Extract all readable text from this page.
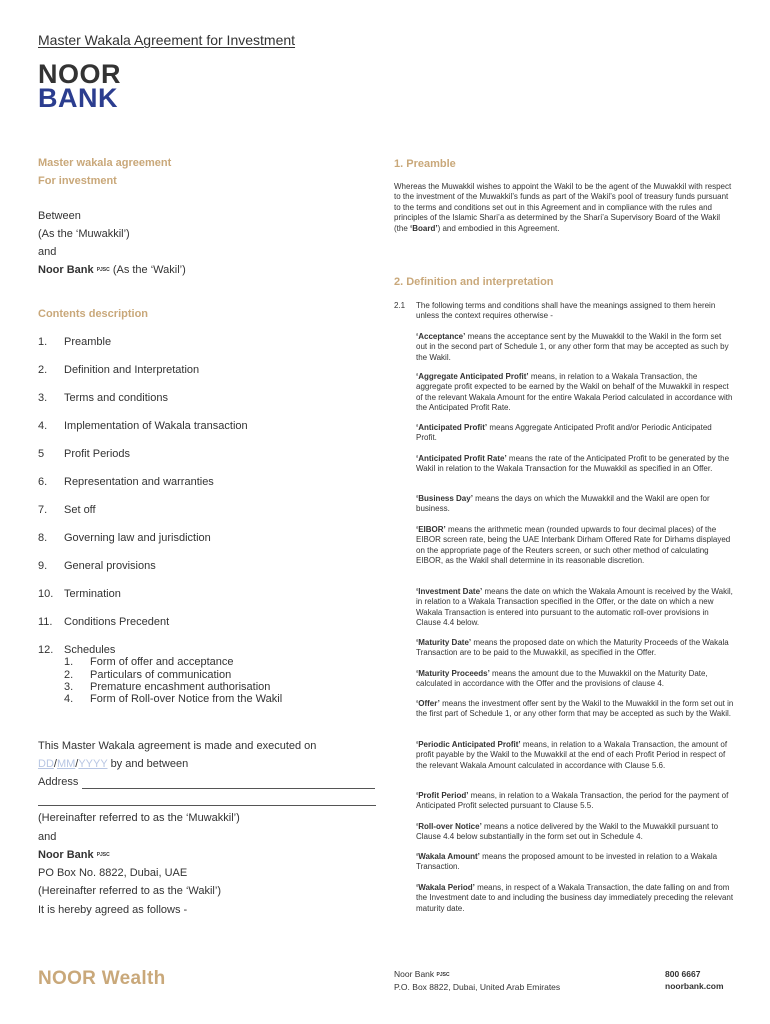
Master Wakala Agreement for Investment
NOOR
BANK
Master wakala agreement
For investment
Between
(As the ‘Muwakkil’)
and
Noor Bank PJSC (As the ‘Wakil’)
Contents description
1. Preamble
2. Definition and Interpretation
3. Terms and conditions
4. Implementation of Wakala transaction
5 Profit Periods
6. Representation and warranties
7. Set off
8. Governing law and jurisdiction
9. General provisions
10. Termination
11. Conditions Precedent
12. Schedules
1. Form of offer and acceptance
2. Particulars of communication
3. Premature encashment authorisation
4. Form of Roll-over Notice from the Wakil
This Master Wakala agreement is made and executed on
DD/MM/YYYY by and between
Address
(Hereinafter referred to as the ‘Muwakkil’)
and
Noor Bank PJSC
PO Box No. 8822, Dubai, UAE
(Hereinafter referred to as the ‘Wakil’)
It is hereby agreed as follows -
1. Preamble
Whereas the Muwakkil wishes to appoint the Wakil to be the agent of the Muwakkil with respect to the investment of the Muwakkil’s funds as part of the Wakil’s pool of treasury funds pursuant to the terms and conditions set out in this Agreement and in compliance with the rules and principles of the Islamic Shari’a as determined by the Shari’a Supervisory Board of the Wakil (the ‘Board’) and embodied in this Agreement.
2. Definition and interpretation
2.1 The following terms and conditions shall have the meanings assigned to them herein unless the context requires otherwise -
‘Acceptance’ means the acceptance sent by the Muwakkil to the Wakil in the form set out in the second part of Schedule 1, or any other form that may be accepted as such by the Wakil.
‘Aggregate Anticipated Profit’ means, in relation to a Wakala Transaction, the aggregate profit expected to be earned by the Wakil on behalf of the Muwakkil in respect of the relevant Wakala Amount for the entire Wakala Period calculated in accordance with the Anticipated Profit Rate.
‘Anticipated Profit’ means Aggregate Anticipated Profit and/or Periodic Anticipated Profit.
‘Anticipated Profit Rate’ means the rate of the Anticipated Profit to be generated by the Wakil in relation to the Wakala Transaction for the Muwakkil as specified in an Offer.
‘Business Day’ means the days on which the Muwakkil and the Wakil are open for business.
‘EIBOR’ means the arithmetic mean (rounded upwards to four decimal places) of the EIBOR screen rate, being the UAE Interbank Dirham Offered Rate for Dirhams displayed on the appropriate page of the Reuters screen, or such other method of calculating EIBOR, as the Wakil shall determine in its reasonable discretion.
‘Investment Date’ means the date on which the Wakala Amount is received by the Wakil, in relation to a Wakala Transaction specified in the Offer, or the date on which a new Wakala Transaction is entered into pursuant to the automatic roll-over provisions in Clause 4.4 below.
‘Maturity Date’ means the proposed date on which the Maturity Proceeds of the Wakala Transaction are to be paid to the Muwakkil, as specified in the Offer.
‘Maturity Proceeds’ means the amount due to the Muwakkil on the Maturity Date, calculated in accordance with the Offer and the provisions of clause 4.
‘Offer’ means the investment offer sent by the Wakil to the Muwakkil in the form set out in the first part of Schedule 1, or any other form that may be accepted as such by the Wakil.
‘Periodic Anticipated Profit’ means, in relation to a Wakala Transaction, the amount of profit payable by the Wakil to the Muwakkil at the end of each Profit Period in respect of the relevant Wakala Amount calculated in accordance with Clause 5.6.
‘Profit Period’ means, in relation to a Wakala Transaction, the period for the payment of Anticipated Profit selected pursuant to Clause 5.5.
‘Roll-over Notice’ means a notice delivered by the Wakil to the Muwakkil pursuant to Clause 4.4 below substantially in the form set out in Schedule 4.
‘Wakala Amount’ means the proposed amount to be invested in relation to a Wakala Transaction.
‘Wakala Period’ means, in respect of a Wakala Transaction, the date falling on and from the Investment date to and including the business day immediately preceding the relevant maturity date.
NOOR Wealth	Noor Bank PJSC
P.O. Box 8822, Dubai, United Arab Emirates
800 6667
noorbank.com
